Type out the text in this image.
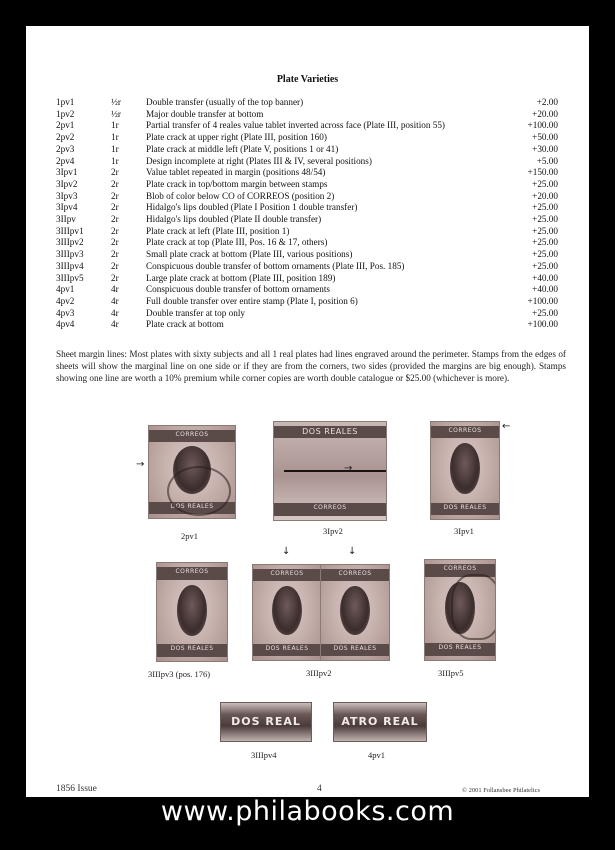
Plate Varieties
1pv1	½r	Double transfer (usually of the top banner)	+2.00
1pv2	½r	Major double transfer at bottom	+20.00
2pv1	1r	Partial transfer of 4 reales value tablet inverted across face (Plate III, position 55)	+100.00
2pv2	1r	Plate crack at upper right (Plate III, position 160)	+50.00
2pv3	1r	Plate crack at middle left (Plate V, positions 1 or 41)	+30.00
2pv4	1r	Design incomplete at right (Plates III & IV, several positions)	+5.00
3Ipv1	2r	Value tablet repeated in margin (positions 48/54)	+150.00
3Ipv2	2r	Plate crack in top/bottom margin between stamps	+25.00
3Ipv3	2r	Blob of color below CO of CORREOS (position 2)	+20.00
3Ipv4	2r	Hidalgo's lips doubled (Plate I Position 1 double transfer)	+25.00
3IIpv	2r	Hidalgo's lips doubled (Plate II double transfer)	+25.00
3IIIpv1	2r	Plate crack at left (Plate III, position 1)	+25.00
3IIIpv2	2r	Plate crack at top (Plate III, Pos. 16 & 17, others)	+25.00
3IIIpv3	2r	Small plate crack at bottom (Plate III, various positions)	+25.00
3IIIpv4	2r	Conspicuous double transfer of bottom ornaments (Plate III, Pos. 185)	+25.00
3IIIpv5	2r	Large plate crack at bottom (Plate III, position 189)	+40.00
4pv1	4r	Conspicuous double transfer of bottom ornaments	+40.00
4pv2	4r	Full double transfer over entire stamp (Plate I, position 6)	+100.00
4pv3	4r	Double transfer at top only	+25.00
4pv4	4r	Plate crack at bottom	+100.00
Sheet margin lines: Most plates with sixty subjects and all 1 real plates had lines engraved around the perimeter. Stamps from the edges of sheets will show the marginal line on one side or if they are from the corners, two sides (provided the margins are big enough). Stamps showing one line are worth a 10% premium while corner copies are worth double catalogue or $25.00 (whichever is more).
CORREOS
DOS REALES
→
DOS REALES
CORREOS
→
CORREOS
DOS REALES
←
2pv1	3Ipv2	3Ipv1
CORREOS
DOS REALES
CORREOS
DOS REALES
CORREOS
DOS REALES
↓	↓
CORREOS
DOS REALES
3IIIpv3 (pos. 176)	3IIIpv2	3IIIpv5
DOS REAL	ATRO REAL
3IIIpv4	4pv1
1856 Issue	4	© 2001 Follansbee Philatelics
www.philabooks.com
